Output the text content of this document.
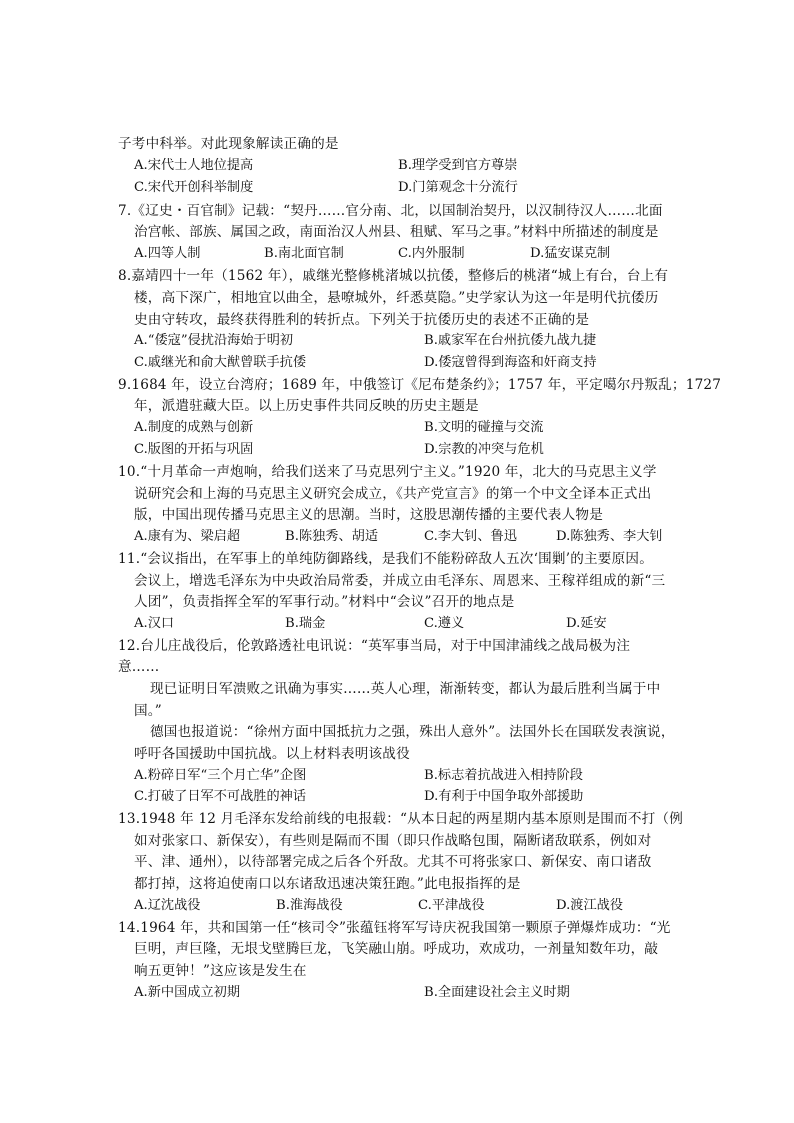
子考中科举。对此现象解读正确的是
A.宋代士人地位提高	B.理学受到官方尊崇
C.宋代开创科举制度	D.门第观念十分流行
7.《辽史・百官制》记载：“契丹……官分南、北，以国制治契丹，以汉制待汉人……北面
治宫帐、部族、属国之政，南面治汉人州县、租赋、军马之事。”材料中所描述的制度是
A.四等人制	B.南北面官制	C.内外服制	D.猛安谋克制
8.嘉靖四十一年（1562 年），戚继光整修桃渚城以抗倭，整修后的桃渚“城上有台，台上有
楼，高下深广，相地宜以曲全，悬嘹城外，纤悉莫隐。”史学家认为这一年是明代抗倭历
史由守转攻，最终获得胜利的转折点。下列关于抗倭历史的表述不正确的是
A.“倭寇”侵扰沿海始于明初	B.戚家军在台州抗倭九战九捷
C.戚继光和俞大猷曾联手抗倭	D.倭寇曾得到海盗和奸商支持
9.1684 年，设立台湾府；1689 年，中俄签订《尼布楚条约》；1757 年，平定噶尔丹叛乱；1727
年，派遣驻藏大臣。以上历史事件共同反映的历史主题是
A.制度的成熟与创新	B.文明的碰撞与交流
C.版图的开拓与巩固	D.宗教的冲突与危机
10.“十月革命一声炮响，给我们送来了马克思列宁主义。”1920 年，北大的马克思主义学
说研究会和上海的马克思主义研究会成立，《共产党宣言》的第一个中文全译本正式出
版，中国出现传播马克思主义的思潮。当时，这股思潮传播的主要代表人物是
A.康有为、梁启超	B.陈独秀、胡适	C.李大钊、鲁迅	D.陈独秀、李大钊
11.“会议指出，在军事上的单纯防御路线，是我们不能粉碎敌人五次‘围剿’的主要原因。
会议上，增选毛泽东为中央政治局常委，并成立由毛泽东、周恩来、王稼祥组成的新“三
人团”，负责指挥全军的军事行动。”材料中“会议”召开的地点是
A.汉口	B.瑞金	C.遵义	D.延安
12.台儿庄战役后，伦敦路透社电讯说：“英军事当局，对于中国津浦线之战局极为注
意……
现已证明日军溃败之讯确为事实……英人心理，渐渐转变，都认为最后胜利当属于中
国。”
德国也报道说：“徐州方面中国抵抗力之强，殊出人意外”。法国外长在国联发表演说，
呼吁各国援助中国抗战。以上材料表明该战役
A.粉碎日军“三个月亡华”企图	B.标志着抗战进入相持阶段
C.打破了日军不可战胜的神话	D.有利于中国争取外部援助
13.1948 年 12 月毛泽东发给前线的电报载：“从本日起的两星期内基本原则是围而不打（例
如对张家口、新保安），有些则是隔而不围（即只作战略包围，隔断诸敌联系，例如对
平、津、通州），以待部署完成之后各个歼敌。尤其不可将张家口、新保安、南口诸敌
都打掉，这将迫使南口以东诸敌迅速决策狂跑。”此电报指挥的是
A.辽沈战役	B.淮海战役	C.平津战役	D.渡江战役
14.1964 年，共和国第一任“核司令”张蕴钰将军写诗庆祝我国第一颗原子弹爆炸成功：“光
巨明，声巨隆，无垠戈壁腾巨龙，飞笑融山崩。呼成功，欢成功，一剂量知数年功，敲
响五更钟！”这应该是发生在
A.新中国成立初期	B.全面建设社会主义时期
